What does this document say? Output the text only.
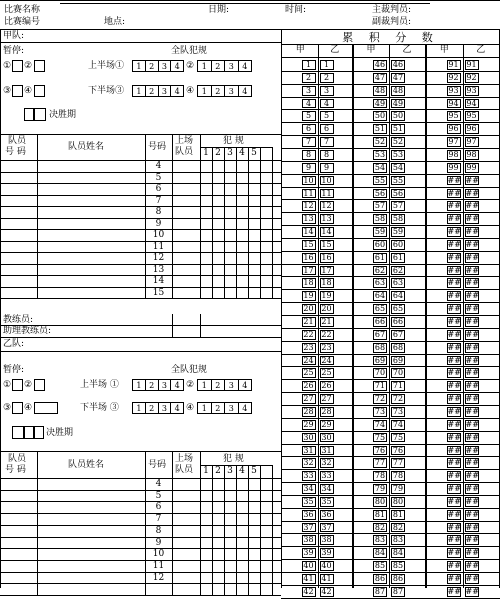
比赛名称	日期:	时间:	主裁判员:
比赛编号	地点:	副裁判员:
甲队:
暂停:	全队犯规
① ②	上半场①	1 2 3 4 ② 1	2	3	4
③ ④	下半场③	1 2 3 4 ④ 1	2	3	4
决胜期
乙队:
暂停:	全队犯规
① ②	上半场 ①	1 2 3 4 ② 1	2	3	4
③ ④	下半场 ③	1 2 3 4 ④ 1	2	3	4
决胜期
队员
号 码	队员姓名	号码
上场
队员
犯 规
1 2 3 4 5
4
5
6
7
8
9
10
11
12
13
14
15
教练员:
助理教练员:
队员
号 码	队员姓名	号码
上场
队员
犯 规
1 2 3 4 5
4
5
6
7
8
9
10
11
12
累 积 分 数
甲	乙	甲	乙	甲	乙
1	1	46 46	91 91
2	2	47 47	92 92
3	3	48 48	93 93
4	4	49 49	94 94
5	5	50 50	95 95
6	6	51 51	96 96
7	7	52 52	97 97
8	8	53 53	98 98
9	9	54 54	99 99
10 10	55 55	## ##
11 11	56 56	## ##
12 12	57 57	## ##
13 13	58 58	## ##
14 14	59 59	## ##
15 15	60 60	## ##
16 16	61 61	## ##
17 17	62 62	## ##
18 18	63 63	## ##
19 19	64 64	## ##
20 20	65 65	## ##
21 21	66 66	## ##
22 22	67 67	## ##
23 23	68 68	## ##
24 24	69 69	## ##
25 25	70 70	## ##
26 26	71 71	## ##
27 27	72 72	## ##
28 28	73 73	## ##
29 29	74 74	## ##
30 30	75 75	## ##
31 31	76 76	## ##
32 32	77 77	## ##
33 33	78 78	## ##
34 34	79 79	## ##
35 35	80 80	## ##
36 36	81 81	## ##
37 37	82 82	## ##
38 38	83 83	## ##
39 39	84 84	## ##
40 40	85 85	## ##
41 41	86 86	## ##
42 42	87 87	## ##
